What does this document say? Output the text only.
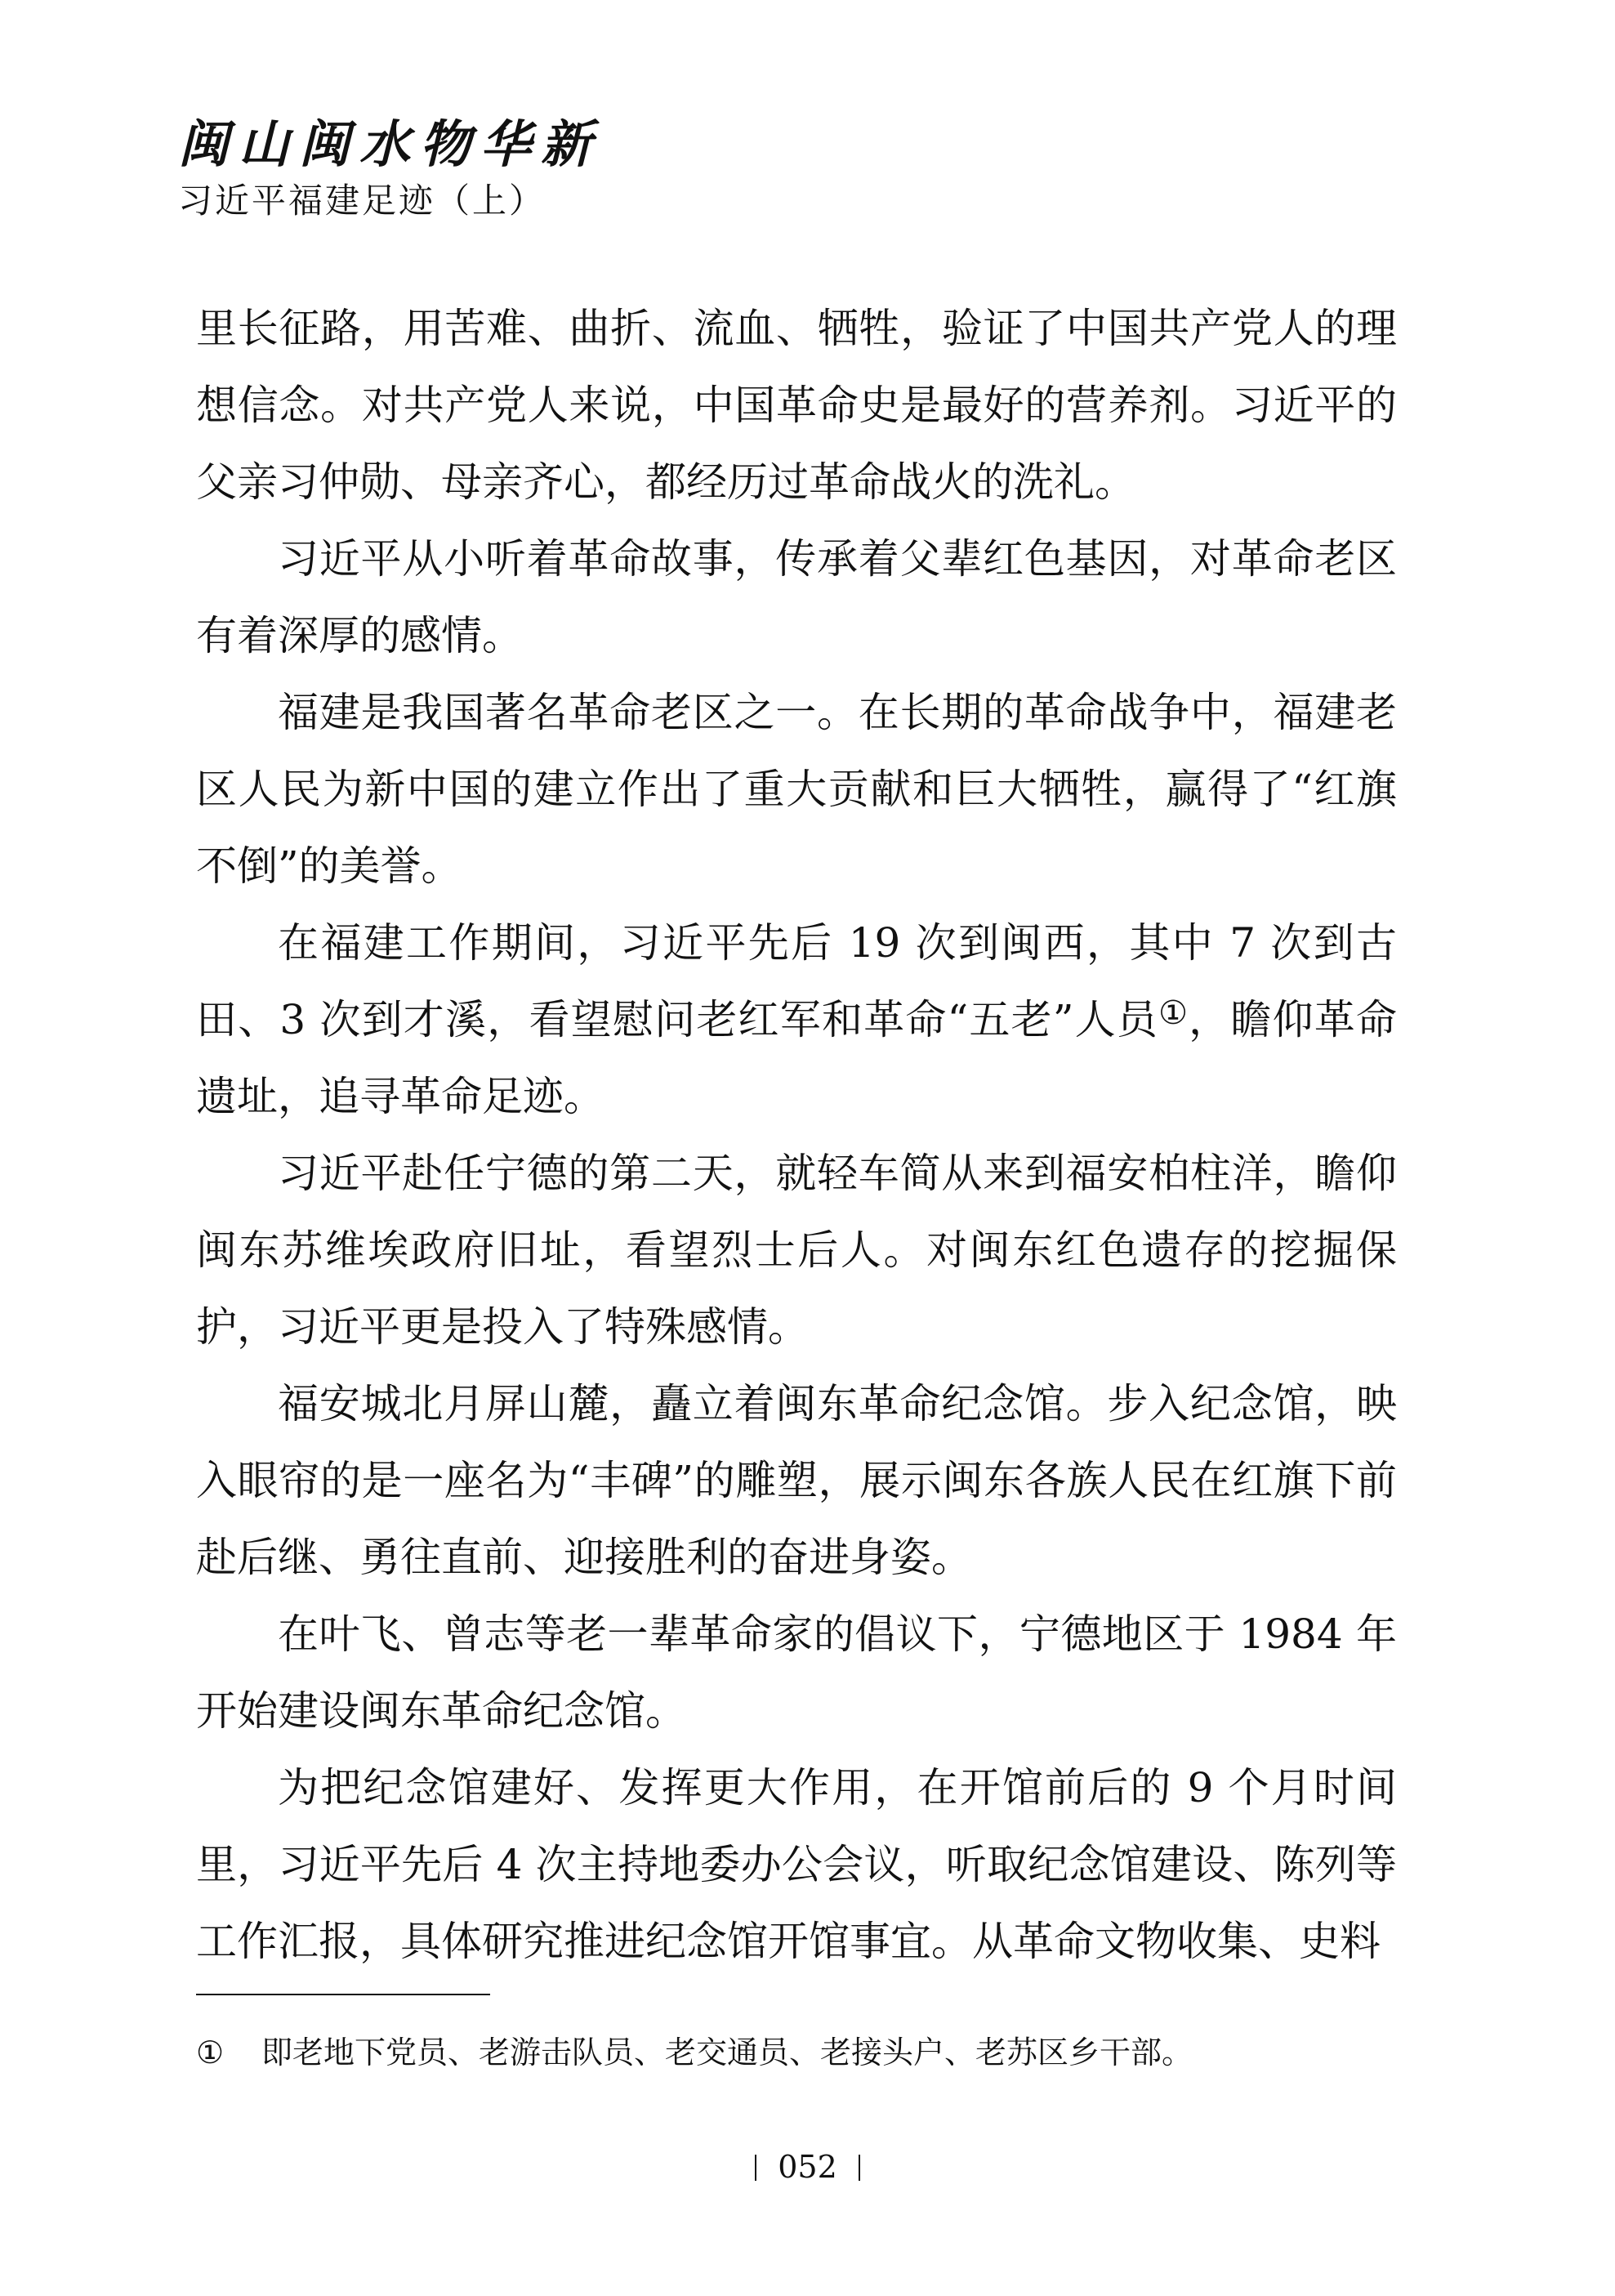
闽山闽水物华新
习近平福建足迹（上）

里长征路，用苦难、曲折、流血、牺牲，验证了中国共产党人的理想信念。对共产党人来说，中国革命史是最好的营养剂。习近平的父亲习仲勋、母亲齐心，都经历过革命战火的洗礼。

习近平从小听着革命故事，传承着父辈红色基因，对革命老区有着深厚的感情。

福建是我国著名革命老区之一。在长期的革命战争中，福建老区人民为新中国的建立作出了重大贡献和巨大牺牲，赢得了“红旗不倒”的美誉。

在福建工作期间，习近平先后 19 次到闽西，其中 7 次到古田、3 次到才溪，看望慰问老红军和革命“五老”人员①，瞻仰革命遗址，追寻革命足迹。

习近平赴任宁德的第二天，就轻车简从来到福安柏柱洋，瞻仰闽东苏维埃政府旧址，看望烈士后人。对闽东红色遗存的挖掘保护，习近平更是投入了特殊感情。

福安城北月屏山麓，矗立着闽东革命纪念馆。步入纪念馆，映入眼帘的是一座名为“丰碑”的雕塑，展示闽东各族人民在红旗下前赴后继、勇往直前、迎接胜利的奋进身姿。

在叶飞、曾志等老一辈革命家的倡议下，宁德地区于 1984 年开始建设闽东革命纪念馆。

为把纪念馆建好、发挥更大作用，在开馆前后的 9 个月时间里，习近平先后 4 次主持地委办公会议，听取纪念馆建设、陈列等工作汇报，具体研究推进纪念馆开馆事宜。从革命文物收集、史料

① 即老地下党员、老游击队员、老交通员、老接头户、老苏区乡干部。
052
